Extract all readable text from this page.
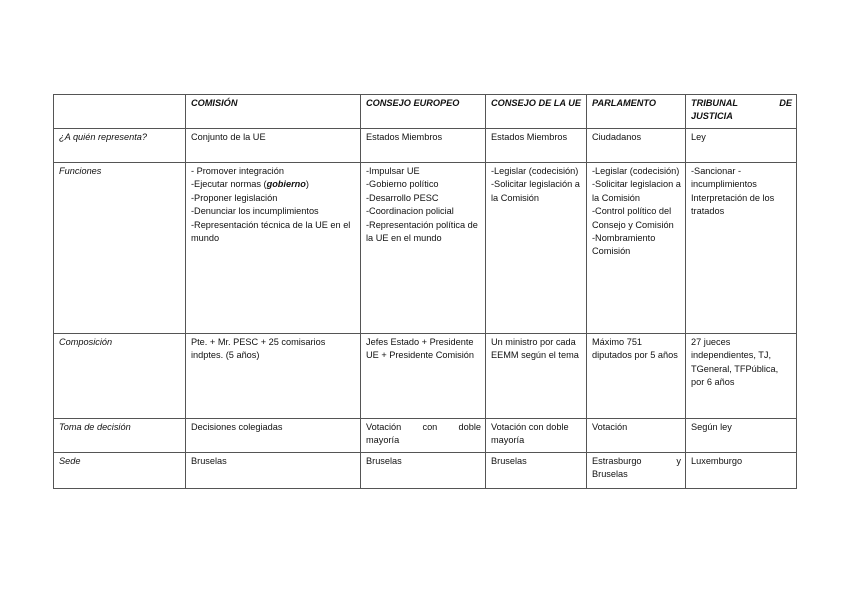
	COMISIÓN	CONSEJO EUROPEO	CONSEJO DE LA UE	PARLAMENTO	TRIBUNAL DE
JUSTICIA

¿A quién representa?	Conjunto de la UE	Estados Miembros	Estados Miembros	Ciudadanos	Ley
Funciones	- Promover integración
-Ejecutar normas (gobierno)
-Proponer legislación
-Denunciar los incumplimientos
-Representación técnica de la UE en el mundo	-Impulsar UE
-Gobierno político
-Desarrollo PESC
-Coordinacion policial
-Representación política de la UE en el mundo	-Legislar (codecisión)
-Solicitar legislación a la Comisión	-Legislar (codecisión)
-Solicitar legislacion a la Comisión
-Control político del Consejo y Comisión
-Nombramiento Comisión	-Sancionar - incumplimientos
Interpretación de los tratados

Composición	Pte. + Mr. PESC + 25 comisarios indptes. (5 años)	Jefes Estado + Presidente UE + Presidente Comisión	Un ministro por cada EEMM según el tema	Máximo 751 diputados por 5 años	27 jueces independientes, TJ, TGeneral, TFPública, por 6 años
Toma de decisión	Decisiones colegiadas	Votación con doble
mayoría	Votación con doble mayoría	Votación	Según ley
Sede	Bruselas	Bruselas	Bruselas	Estrasburgo y
Bruselas	Luxemburgo
